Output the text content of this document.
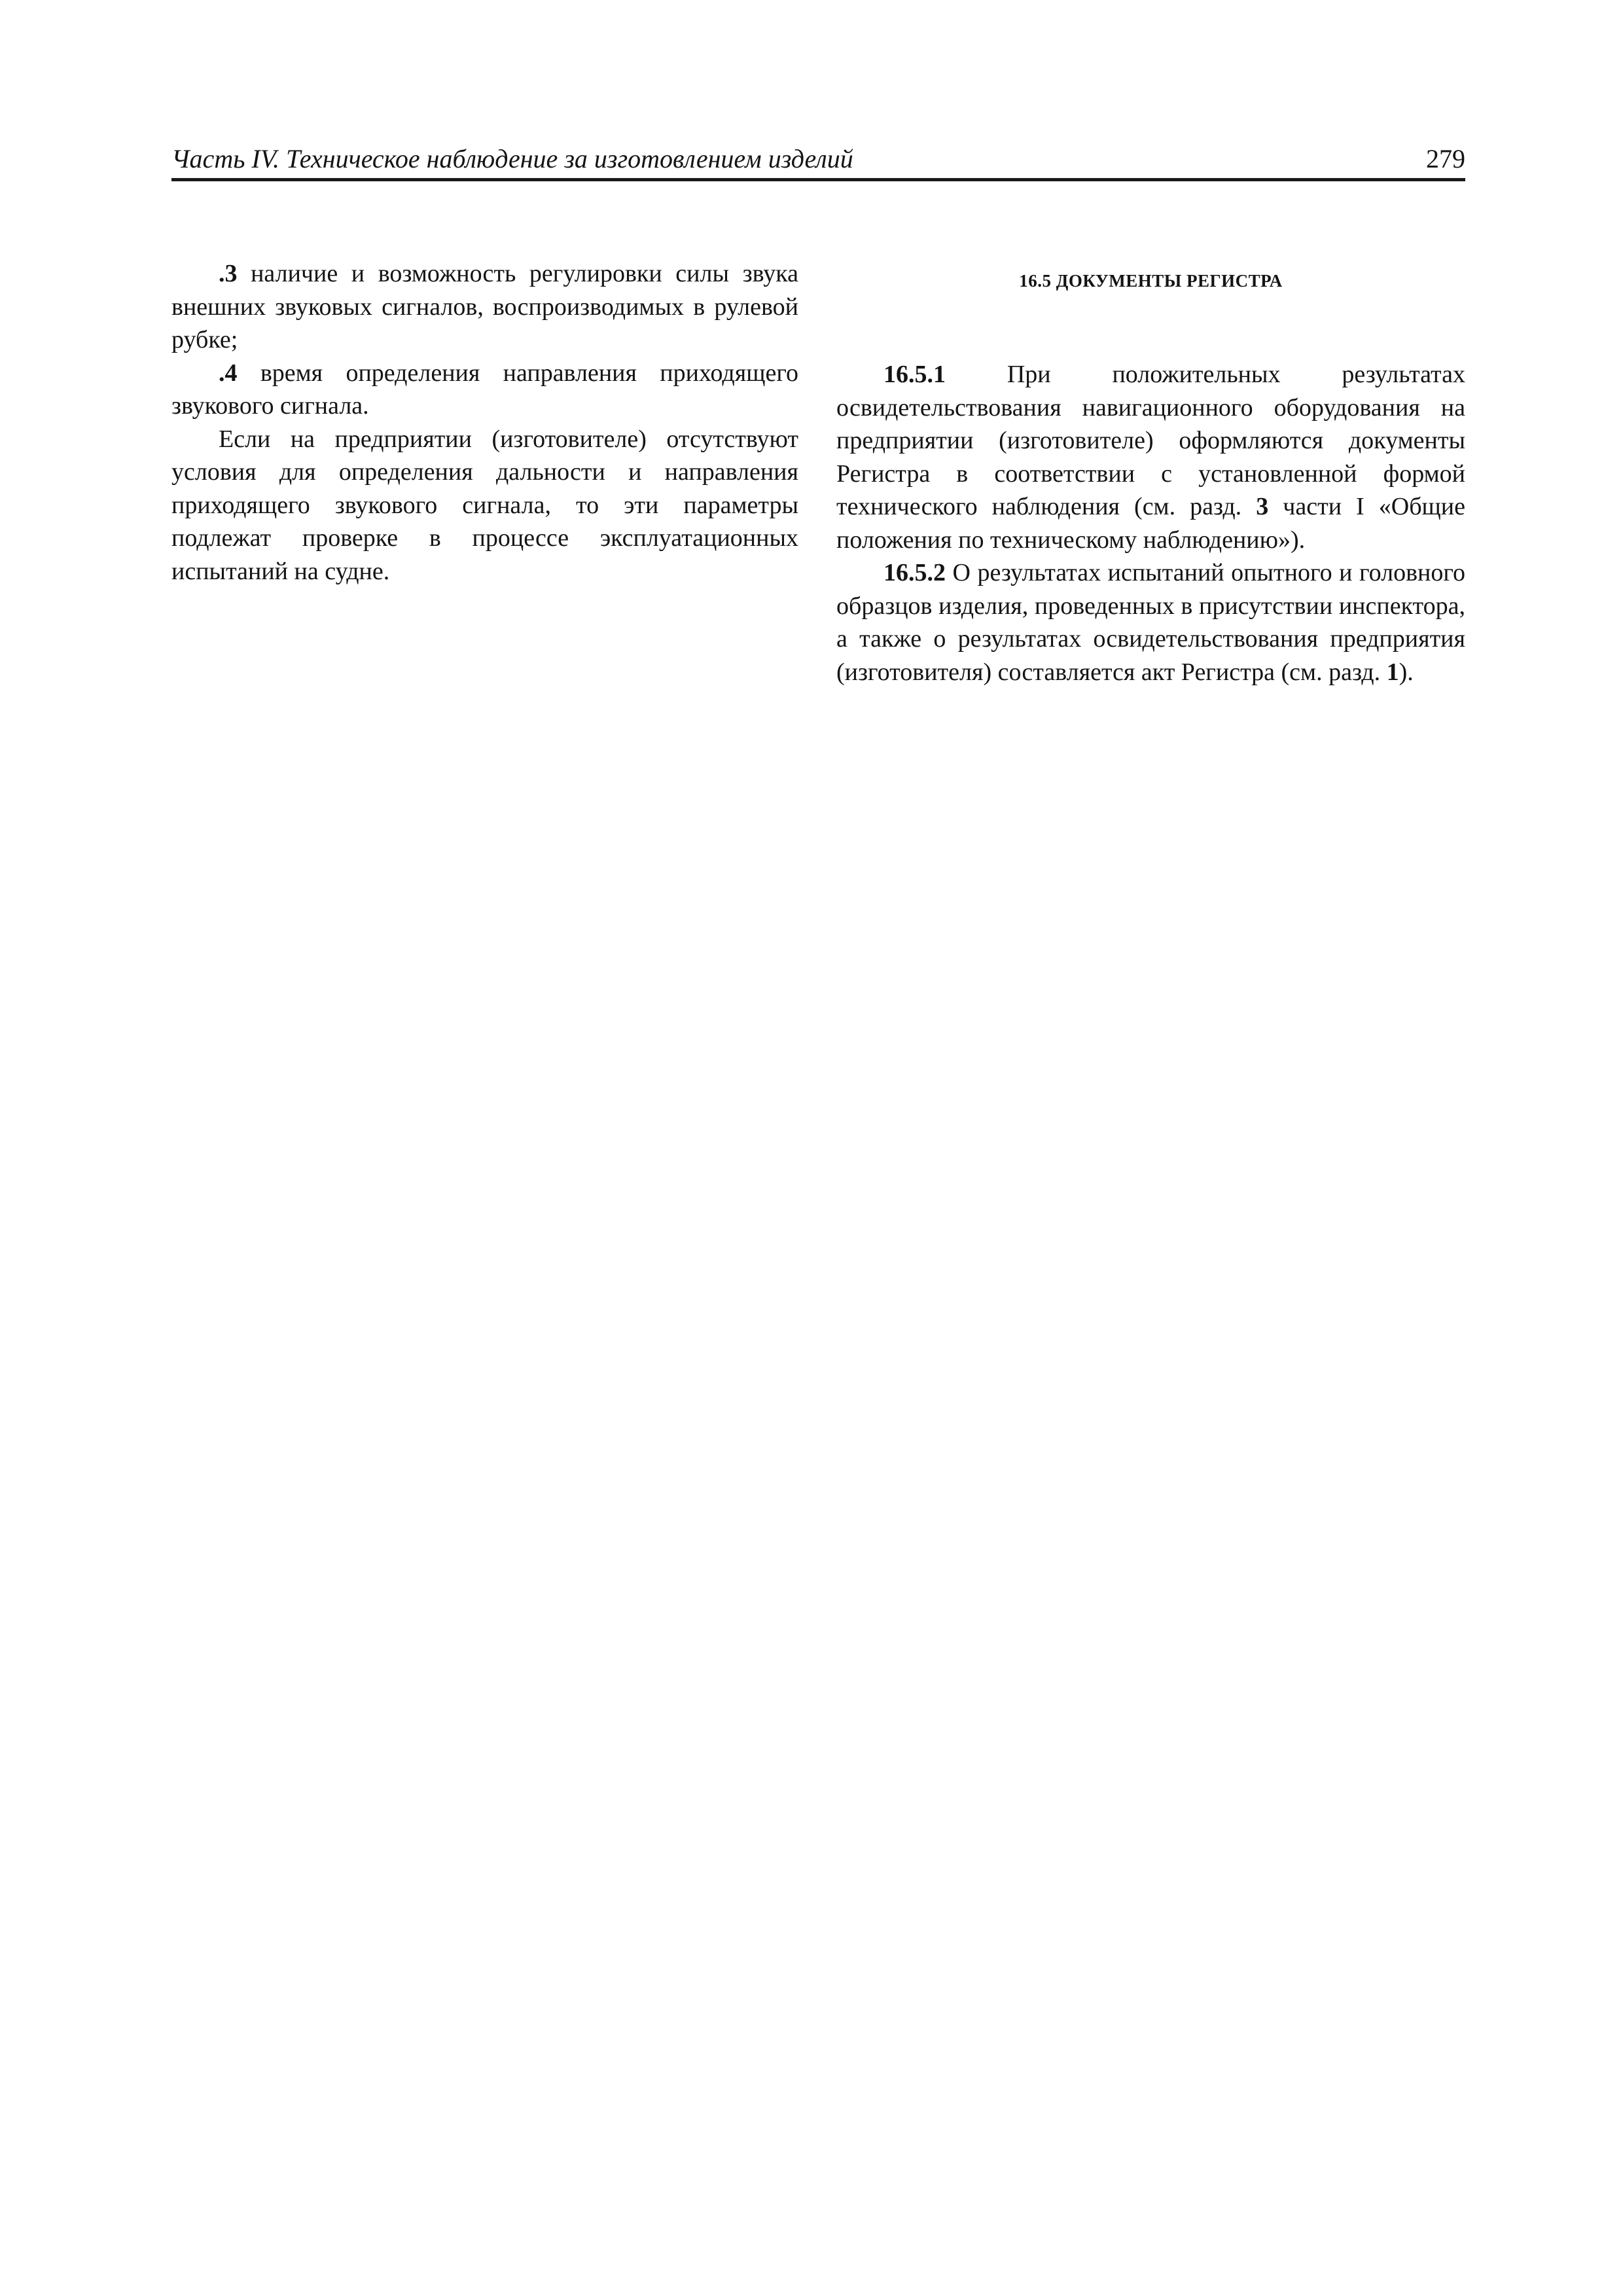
Часть IV. Техническое наблюдение за изготовлением изделий	279

.3 наличие и возможность регулировки силы звука внешних звуковых сигналов, воспроизводимых в рулевой рубке;

.4 время определения направления приходящего звукового сигнала.

Если на предприятии (изготовителе) отсутствуют условия для определения дальности и направления приходящего звукового сигнала, то эти параметры подлежат проверке в процессе эксплуатационных испытаний на судне.

16.5 ДОКУМЕНТЫ РЕГИСТРА

16.5.1 При положительных результатах освидетельствования навигационного оборудования на предприятии (изготовителе) оформляются документы Регистра в соответствии с установленной формой технического наблюдения (см. разд. 3 части I «Общие положения по техническому наблюдению»).

16.5.2 О результатах испытаний опытного и головного образцов изделия, проведенных в присутствии инспектора, а также о результатах освидетельствования предприятия (изготовителя) составляется акт Регистра (см. разд. 1).
